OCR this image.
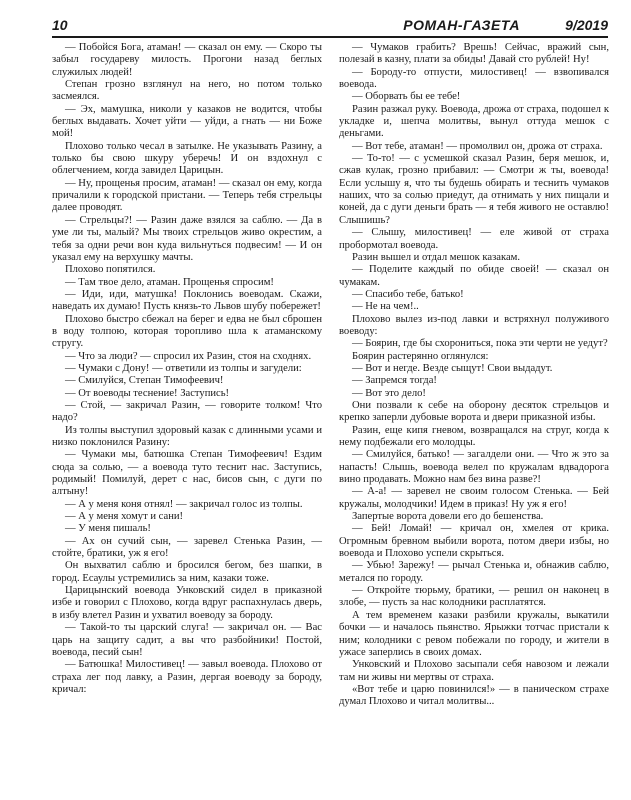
10	РОМАН-ГАЗЕТА	9/2019

— Побойся Бога, атаман! — сказал он ему. — Скоро ты забыл государеву милость. Прогони назад беглых служилых людей!

Степан грозно взглянул на него, но потом только засмеялся.

— Эх, мамушка, николи у казаков не водится, чтобы беглых выдавать. Хочет уйти — уйди, а гнать — ни Боже мой!

Плохово только чесал в затылке. Не указывать Разину, а только бы свою шкуру уберечь! И он вздохнул с облегчением, когда завидел Царицын.

— Ну, прощенья просим, атаман! — сказал он ему, когда причалили к городской пристани. — Теперь тебя стрельцы далее проводят.

— Стрельцы?! — Разин даже взялся за саблю. — Да в уме ли ты, малый? Мы твоих стрельцов живо окрестим, а тебя за одни речи вон куда вильнуться подвесим! — И он указал ему на верхушку мачты.

Плохово попятился.

— Там твое дело, атаман. Прощенья спросим!

— Иди, иди, матушка! Поклонись воеводам. Скажи, наведать их думаю! Пусть князь-то Львов шубу побережет!

Плохово быстро сбежал на берег и едва не был сброшен в воду толпою, которая торопливо шла к атаманскому стругу.

— Что за люди? — спросил их Разин, стоя на сходнях.

— Чумаки с Дону! — ответили из толпы и загудели:

— Смилуйся, Степан Тимофеевич!

— От воеводы теснение! Заступись!

— Стой, — закричал Разин, — говорите толком! Что надо?

Из толпы выступил здоровый казак с длинными усами и низко поклонился Разину:

— Чумаки мы, батюшка Степан Тимофеевич! Ездим сюда за солью, — а воевода туто теснит нас. Заступись, родимый! Помилуй, дерет с нас, бисов сын, с дуги по алтыну!

— А у меня коня отнял! — закричал голос из толпы.

— А у меня хомут и сани!

— У меня пишаль!

— Ах он сучий сын, — заревел Стенька Разин, — стойте, братики, уж я его!

Он выхватил саблю и бросился бегом, без шапки, в город. Есаулы устремились за ним, казаки тоже.

Царицынский воевода Унковский сидел в приказной избе и говорил с Плохово, когда вдруг распахнулась дверь, в избу влетел Разин и ухватил воеводу за бороду.

— Такой-то ты царский слуга! — закричал он. — Вас царь на защиту садит, а вы что разбойники! Постой, воевода, песий сын!

— Батюшка! Милостивец! — завыл воевода. Плохово от страха лег под лавку, а Разин, дергая воеводу за бороду, кричал:

— Чумаков грабить? Врешь! Сейчас, вражий сын, полезай в казну, плати за обиды! Давай сто рублей! Ну!

— Бороду-то отпусти, милостивец! — взвопивался воевода.

— Оборвать бы ее тебе!

Разин разжал руку. Воевода, дрожа от страха, подошел к укладке и, шепча молитвы, вынул оттуда мешок с деньгами.

— Вот тебе, атаман! — промолвил он, дрожа от страха.

— То-то! — с усмешкой сказал Разин, беря мешок, и, сжав кулак, грозно прибавил: — Смотри ж ты, воевода! Если услышу я, что ты будешь обирать и теснить чумаков наших, что за солью приедут, да отнимать у них пищали и коней, да с дуги деньги брать — я тебя живого не оставлю! Слышишь?

— Слышу, милостивец! — еле живой от страха пробормотал воевода.

Разин вышел и отдал мешок казакам.

— Поделите каждый по обиде своей! — сказал он чумакам.

— Спасибо тебе, батько!

— Не на чем!..

Плохово вылез из-под лавки и встряхнул полуживого воеводу:

— Боярин, где бы схорониться, пока эти черти не уедут?

Боярин растерянно оглянулся:

— Вот и негде. Везде сыщут! Свои выдадут.

— Запремся тогда!

— Вот это дело!

Они позвали к себе на оборону десяток стрельцов и крепко заперли дубовые ворота и двери приказной избы.

Разин, еще кипя гневом, возвращался на струг, когда к нему подбежали его молодцы.

— Смилуйся, батько! — загалдели они. — Что ж это за напасть! Слышь, воевода велел по кружалам вдвадорога вино продавать. Можно нам без вина разве?!

— А-а! — заревел не своим голосом Стенька. — Бей кружалы, молодчики! Идем в приказ! Ну уж я его!

Запертые ворота довели его до бешенства.

— Бей! Ломай! — кричал он, хмелея от крика. Огромным бревном выбили ворота, потом двери избы, но воевода и Плохово успели скрыться.

— Убью! Зарежу! — рычал Стенька и, обнажив саблю, метался по городу.

— Откройте тюрьму, братики, — решил он наконец в злобе, — пусть за нас колодники расплатятся.

А тем временем казаки разбили кружалы, выкатили бочки — и началось пьянство. Ярыжки тотчас пристали к ним; колодники с ревом побежали по городу, и жители в ужасе заперлись в своих домах.

Унковский и Плохово засыпали себя навозом и лежали там ни живы ни мертвы от страха.

«Вот тебе и царю повинился!» — в паническом страхе думал Плохово и читал молитвы...
